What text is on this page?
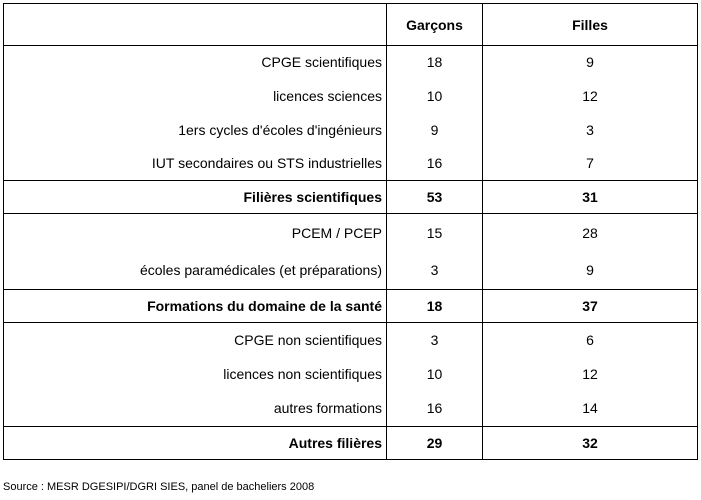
	Garçons	Filles
CPGE scientifiques	18	9
licences sciences	10	12
1ers cycles d'écoles d'ingénieurs	9	3
IUT secondaires ou STS industrielles	16	7
Filières scientifiques	53	31
PCEM / PCEP	15	28
écoles paramédicales (et préparations)	3	9
Formations du domaine de la santé	18	37
CPGE non scientifiques	3	6
licences non scientifiques	10	12
autres formations	16	14
Autres filières	29	32
Source : MESR DGESIPI/DGRI SIES, panel de bacheliers 2008
